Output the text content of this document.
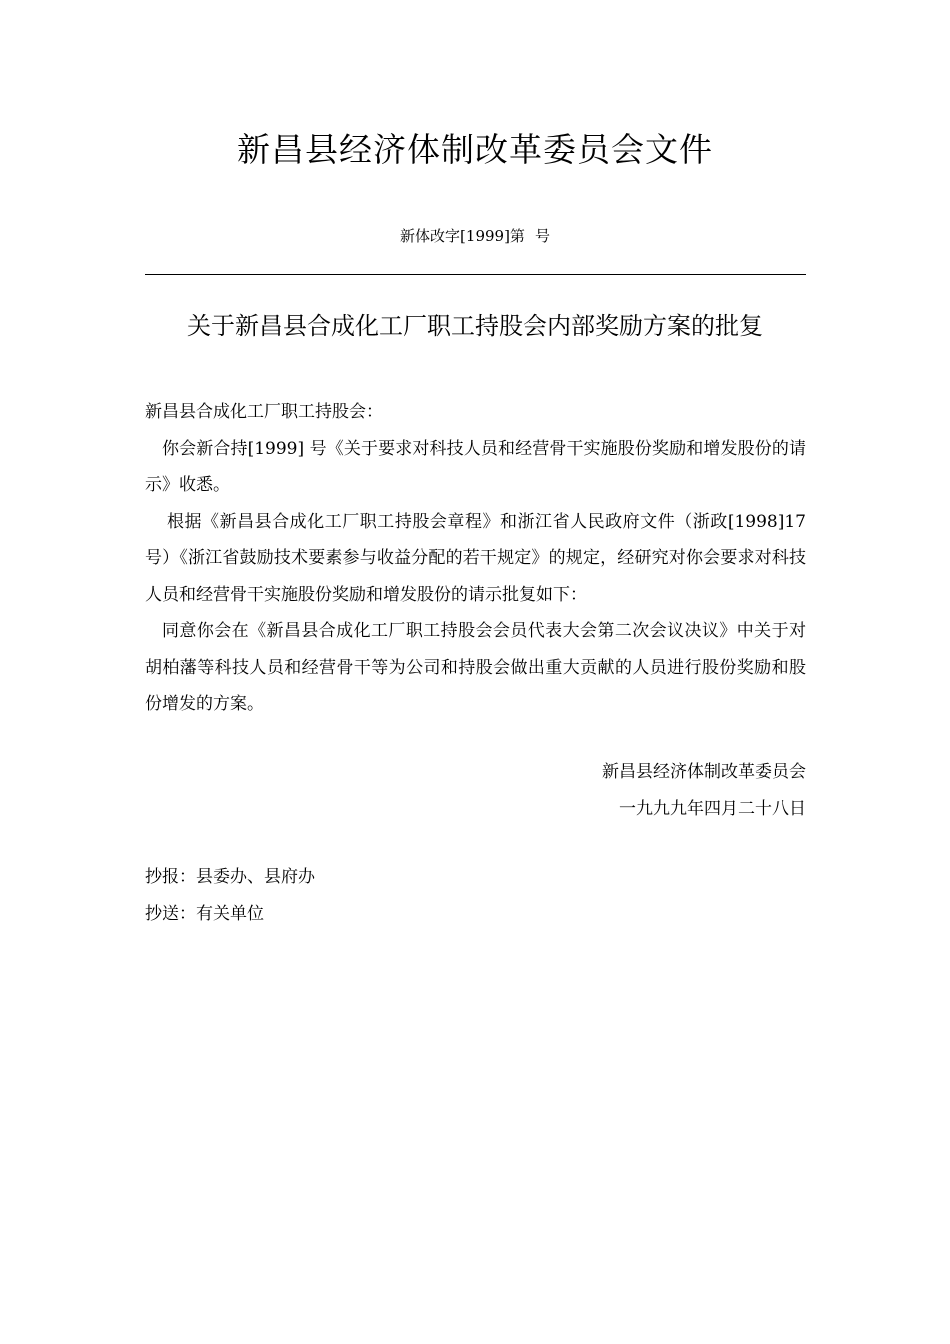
新昌县经济体制改革委员会文件
新体改字[1999]第 号
关于新昌县合成化工厂职工持股会内部奖励方案的批复

新昌县合成化工厂职工持股会：

你会新合持[1999] 号《关于要求对科技人员和经营骨干实施股份奖励和增发股份的请示》收悉。

根据《新昌县合成化工厂职工持股会章程》和浙江省人民政府文件（浙政[1998]17号）《浙江省鼓励技术要素参与收益分配的若干规定》的规定，经研究对你会要求对科技人员和经营骨干实施股份奖励和增发股份的请示批复如下：

同意你会在《新昌县合成化工厂职工持股会会员代表大会第二次会议决议》中关于对胡柏藩等科技人员和经营骨干等为公司和持股会做出重大贡献的人员进行股份奖励和股份增发的方案。

新昌县经济体制改革委员会
一九九九年四月二十八日
抄报：县委办、县府办
抄送：有关单位
